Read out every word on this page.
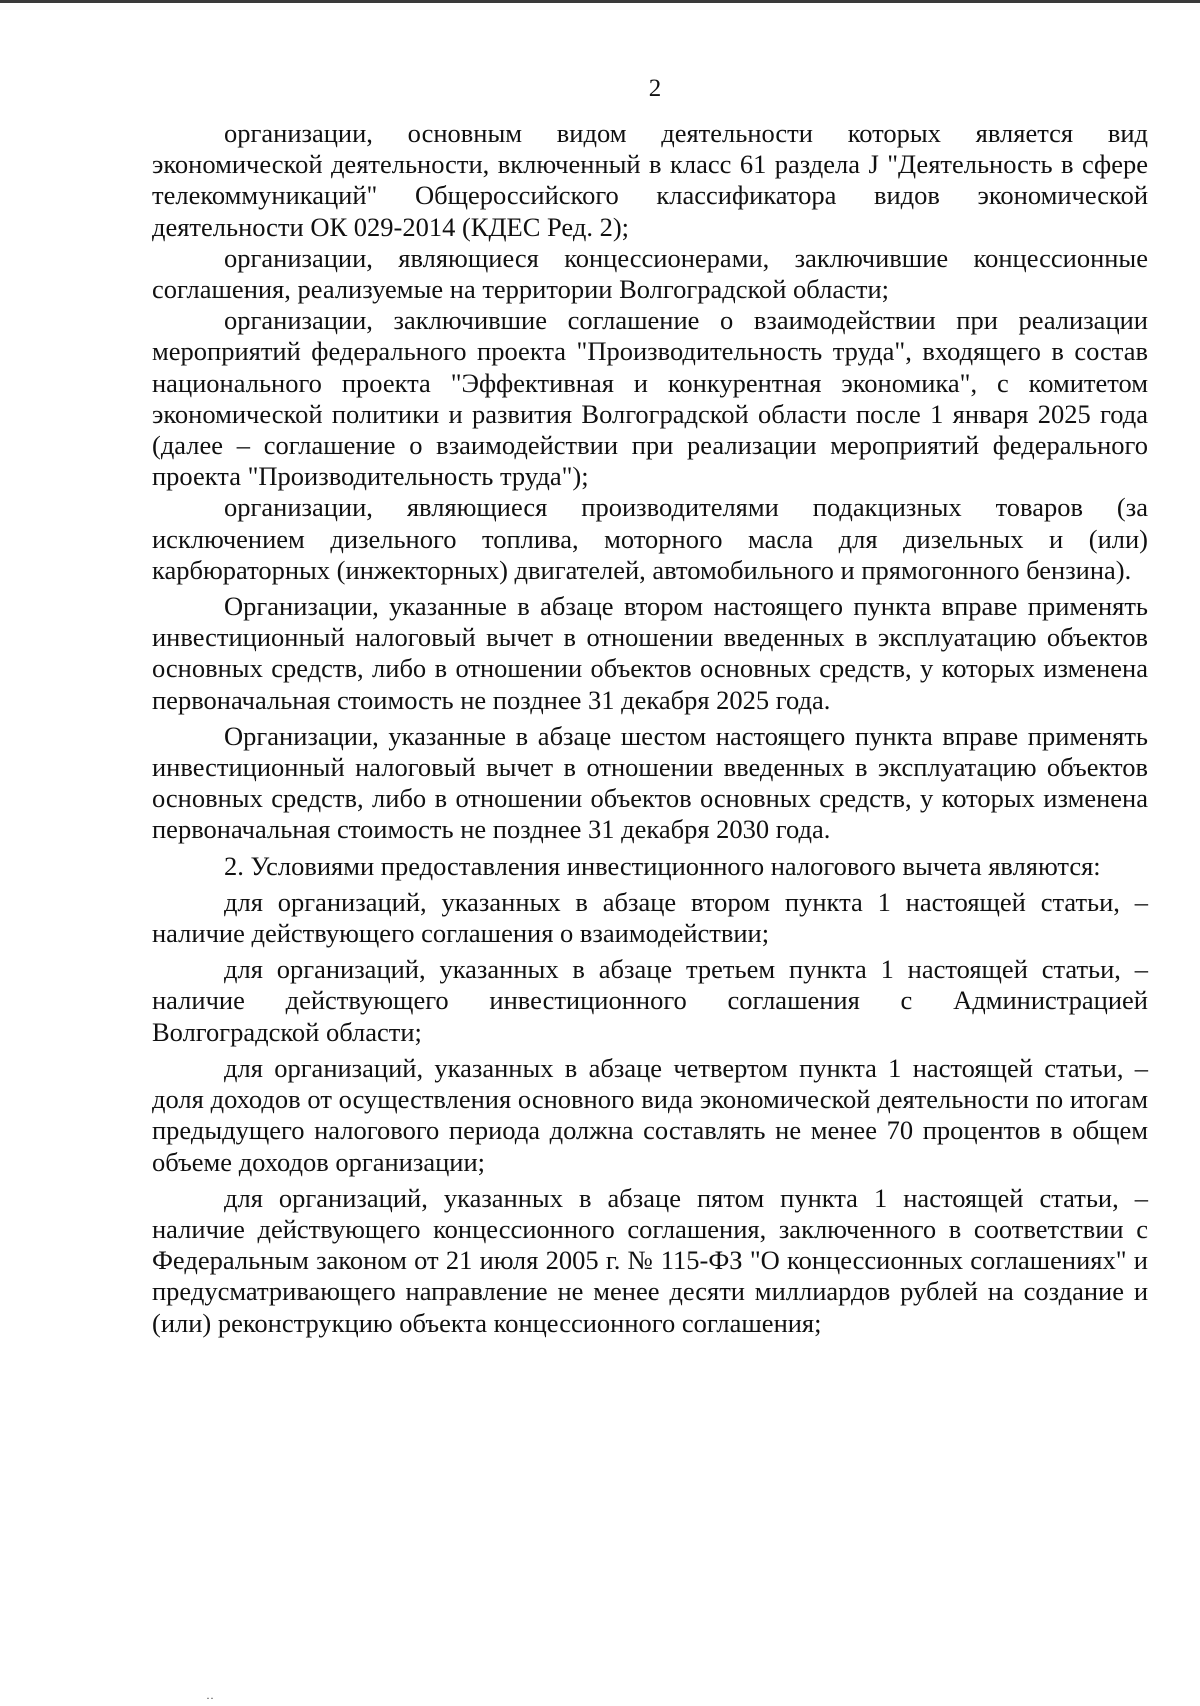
2

организации, основным видом деятельности которых является вид экономической деятельности, включенный в класс 61 раздела J "Деятельность в сфере телекоммуникаций" Общероссийского классификатора видов экономической деятельности ОК 029-2014 (КДЕС Ред. 2);

организации, являющиеся концессионерами, заключившие концессионные соглашения, реализуемые на территории Волгоградской области;

организации, заключившие соглашение о взаимодействии при реализации мероприятий федерального проекта "Производительность труда", входящего в состав национального проекта "Эффективная и конкурентная экономика", с комитетом экономической политики и развития Волгоградской области после 1 января 2025 года (далее – соглашение о взаимодействии при реализации мероприятий федерального проекта "Производительность труда");

организации, являющиеся производителями подакцизных товаров (за исключением дизельного топлива, моторного масла для дизельных и (или) карбюраторных (инжекторных) двигателей, автомобильного и прямогонного бензина).

Организации, указанные в абзаце втором настоящего пункта вправе применять инвестиционный налоговый вычет в отношении введенных в эксплуатацию объектов основных средств, либо в отношении объектов основных средств, у которых изменена первоначальная стоимость не позднее 31 декабря 2025 года.

Организации, указанные в абзаце шестом настоящего пункта вправе применять инвестиционный налоговый вычет в отношении введенных в эксплуатацию объектов основных средств, либо в отношении объектов основных средств, у которых изменена первоначальная стоимость не позднее 31 декабря 2030 года.

2. Условиями предоставления инвестиционного налогового вычета являются:

для организаций, указанных в абзаце втором пункта 1 настоящей статьи, – наличие действующего соглашения о взаимодействии;

для организаций, указанных в абзаце третьем пункта 1 настоящей статьи, – наличие действующего инвестиционного соглашения с Администрацией Волгоградской области;

для организаций, указанных в абзаце четвертом пункта 1 настоящей статьи, – доля доходов от осуществления основного вида экономической деятельности по итогам предыдущего налогового периода должна составлять не менее 70 процентов в общем объеме доходов организации;

для организаций, указанных в абзаце пятом пункта 1 настоящей статьи, – наличие действующего концессионного соглашения, заключенного в соответствии с Федеральным законом от 21 июля 2005 г. № 115-ФЗ "О концессионных соглашениях" и предусматривающего направление не менее десяти миллиардов рублей на создание и (или) реконструкцию объекта концессионного соглашения;

··
